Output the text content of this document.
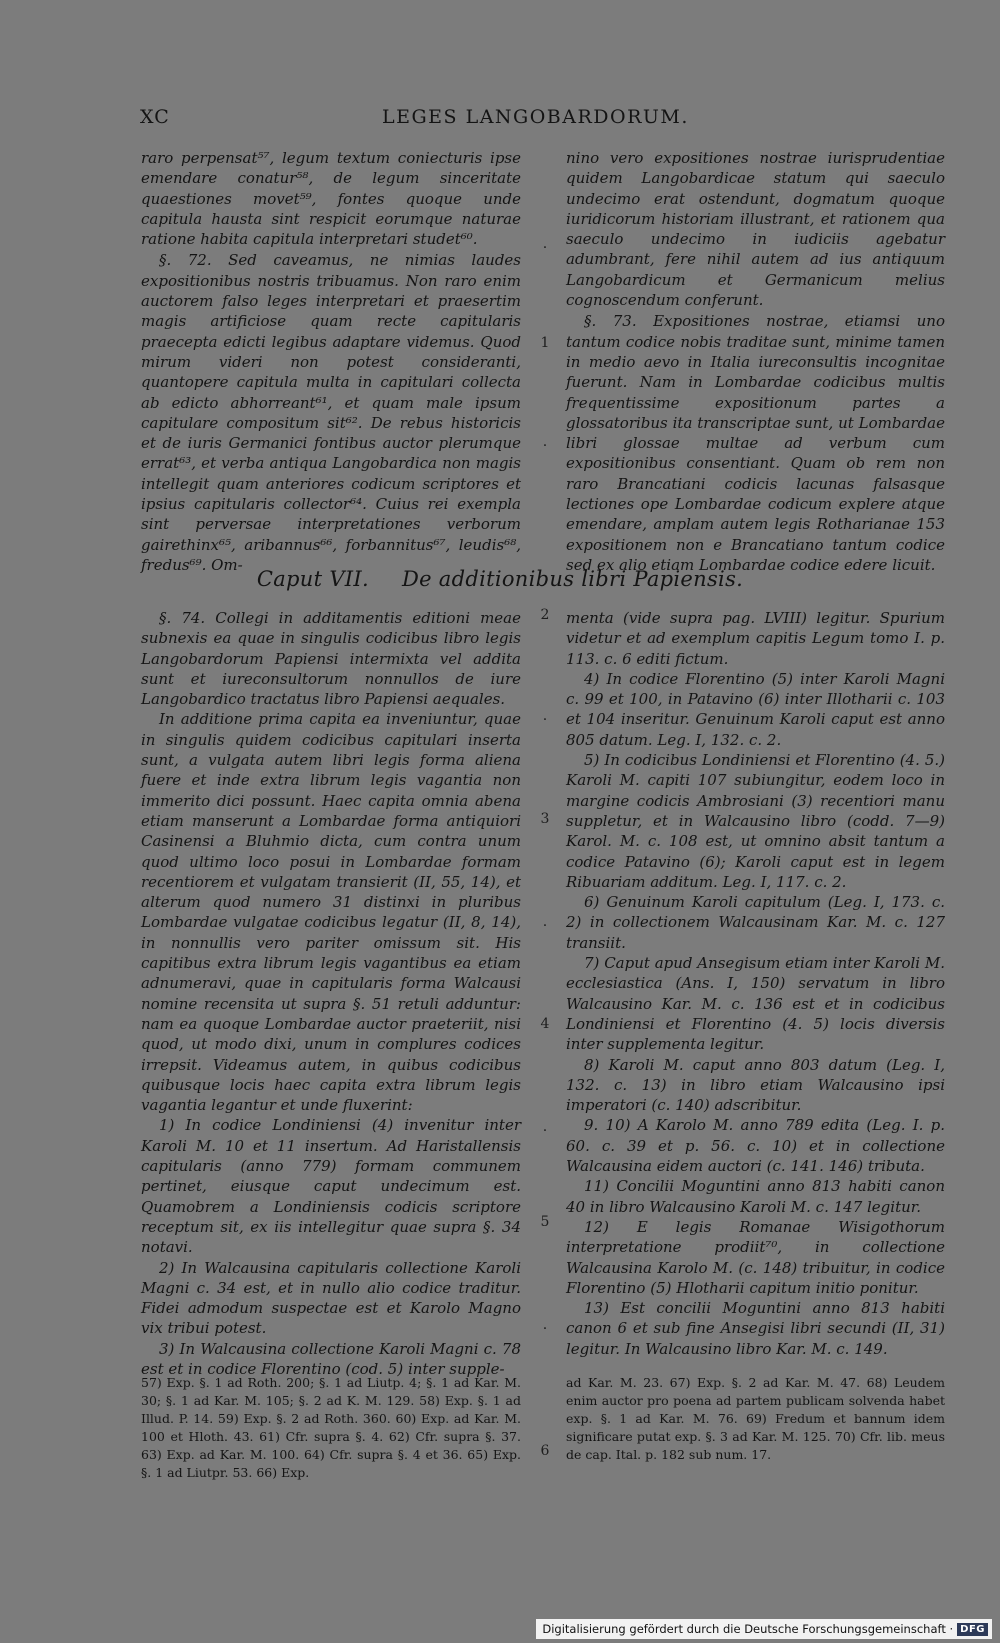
XC	LEGES LANGOBARDORUM.

raro perpensat⁵⁷, legum textum coniecturis ipse emendare conatur⁵⁸, de legum sinceritate quaestiones movet⁵⁹, fontes quoque unde capitula hausta sint respicit eorumque naturae ratione habita capitula interpretari studet⁶⁰.

§. 72. Sed caveamus, ne nimias laudes expositionibus nostris tribuamus. Non raro enim auctorem falso leges interpretari et praesertim magis artificiose quam recte capitularis praecepta edicti legibus adaptare videmus. Quod mirum videri non potest consideranti, quantopere capitula multa in capitulari collecta ab edicto abhorreant⁶¹, et quam male ipsum capitulare compositum sit⁶². De rebus historicis et de iuris Germanici fontibus auctor plerumque errat⁶³, et verba antiqua Langobardica non magis intellegit quam anteriores codicum scriptores et ipsius capitularis collector⁶⁴. Cuius rei exempla sint perversae interpretationes verborum gairethinx⁶⁵, aribannus⁶⁶, forbannitus⁶⁷, leudis⁶⁸, fredus⁶⁹. Om-

nino vero expositiones nostrae iurisprudentiae quidem Langobardicae statum qui saeculo undecimo erat ostendunt, dogmatum quoque iuridicorum historiam illustrant, et rationem qua saeculo undecimo in iudiciis agebatur adumbrant, fere nihil autem ad ius antiquum Langobardicum et Germanicum melius cognoscendum conferunt.

§. 73. Expositiones nostrae, etiamsi uno tantum codice nobis traditae sunt, minime tamen in medio aevo in Italia iureconsultis incognitae fuerunt. Nam in Lombardae codicibus multis frequentissime expositionum partes a glossatoribus ita transcriptae sunt, ut Lombardae libri glossae multae ad verbum cum expositionibus consentiant. Quam ob rem non raro Brancatiani codicis lacunas falsasque lectiones ope Lombardae codicum explere atque emendare, amplam autem legis Rotharianae 153 expositionem non e Brancatiano tantum codice sed ex alio etiam Lombardae codice edere licuit.

1
.
.
2
.
3
.
4
.
5
.
6
Caput VII. De additionibus libri Papiensis.

§. 74. Collegi in additamentis editioni meae subnexis ea quae in singulis codicibus libro legis Langobardorum Papiensi intermixta vel addita sunt et iureconsultorum nonnullos de iure Langobardico tractatus libro Papiensi aequales.

In additione prima capita ea inveniuntur, quae in singulis quidem codicibus capitulari inserta sunt, a vulgata autem libri legis forma aliena fuere et inde extra librum legis vagantia non immerito dici possunt. Haec capita omnia abena etiam manserunt a Lombardae forma antiquiori Casinensi a Bluhmio dicta, cum contra unum quod ultimo loco posui in Lombardae formam recentiorem et vulgatam transierit (II, 55, 14), et alterum quod numero 31 distinxi in pluribus Lombardae vulgatae codicibus legatur (II, 8, 14), in nonnullis vero pariter omissum sit. His capitibus extra librum legis vagantibus ea etiam adnumeravi, quae in capitularis forma Walcausi nomine recensita ut supra §. 51 retuli adduntur: nam ea quoque Lombardae auctor praeteriit, nisi quod, ut modo dixi, unum in complures codices irrepsit. Videamus autem, in quibus codicibus quibusque locis haec capita extra librum legis vagantia legantur et unde fluxerint:

1) In codice Londiniensi (4) invenitur inter Karoli M. 10 et 11 insertum. Ad Haristallensis capitularis (anno 779) formam communem pertinet, eiusque caput undecimum est. Quamobrem a Londiniensis codicis scriptore receptum sit, ex iis intellegitur quae supra §. 34 notavi.

2) In Walcausina capitularis collectione Karoli Magni c. 34 est, et in nullo alio codice traditur. Fidei admodum suspectae est et Karolo Magno vix tribui potest.

3) In Walcausina collectione Karoli Magni c. 78 est et in codice Florentino (cod. 5) inter supple-

menta (vide supra pag. LVIII) legitur. Spurium videtur et ad exemplum capitis Legum tomo I. p. 113. c. 6 editi fictum.

4) In codice Florentino (5) inter Karoli Magni c. 99 et 100, in Patavino (6) inter Illotharii c. 103 et 104 inseritur. Genuinum Karoli caput est anno 805 datum. Leg. I, 132. c. 2.

5) In codicibus Londiniensi et Florentino (4. 5.) Karoli M. capiti 107 subiungitur, eodem loco in margine codicis Ambrosiani (3) recentiori manu suppletur, et in Walcausino libro (codd. 7—9) Karol. M. c. 108 est, ut omnino absit tantum a codice Patavino (6); Karoli caput est in legem Ribuariam additum. Leg. I, 117. c. 2.

6) Genuinum Karoli capitulum (Leg. I, 173. c. 2) in collectionem Walcausinam Kar. M. c. 127 transiit.

7) Caput apud Ansegisum etiam inter Karoli M. ecclesiastica (Ans. I, 150) servatum in libro Walcausino Kar. M. c. 136 est et in codicibus Londiniensi et Florentino (4. 5) locis diversis inter supplementa legitur.

8) Karoli M. caput anno 803 datum (Leg. I, 132. c. 13) in libro etiam Walcausino ipsi imperatori (c. 140) adscribitur.

9. 10) A Karolo M. anno 789 edita (Leg. I. p. 60. c. 39 et p. 56. c. 10) et in collectione Walcausina eidem auctori (c. 141. 146) tributa.

11) Concilii Moguntini anno 813 habiti canon 40 in libro Walcausino Karoli M. c. 147 legitur.

12) E legis Romanae Wisigothorum interpretatione prodiit⁷⁰, in collectione Walcausina Karolo M. (c. 148) tribuitur, in codice Florentino (5) Hlotharii capitum initio ponitur.

13) Est concilii Moguntini anno 813 habiti canon 6 et sub fine Ansegisi libri secundi (II, 31) legitur. In Walcausino libro Kar. M. c. 149.

57) Exp. §. 1 ad Roth. 200; §. 1 ad Liutp. 4; §. 1 ad Kar. M. 30; §. 1 ad Kar. M. 105; §. 2 ad K. M. 129. 58) Exp. §. 1 ad Illud. P. 14. 59) Exp. §. 2 ad Roth. 360. 60) Exp. ad Kar. M. 100 et Hloth. 43. 61) Cfr. supra §. 4. 62) Cfr. supra §. 37. 63) Exp. ad Kar. M. 100. 64) Cfr. supra §. 4 et 36. 65) Exp. §. 1 ad Liutpr. 53. 66) Exp.

ad Kar. M. 23. 67) Exp. §. 2 ad Kar. M. 47. 68) Leudem enim auctor pro poena ad partem publicam solvenda habet exp. §. 1 ad Kar. M. 76. 69) Fredum et bannum idem significare putat exp. §. 3 ad Kar. M. 125. 70) Cfr. lib. meus de cap. Ital. p. 182 sub num. 17.

Digitalisierung gefördert durch die Deutsche Forschungsgemeinschaft · DFG
